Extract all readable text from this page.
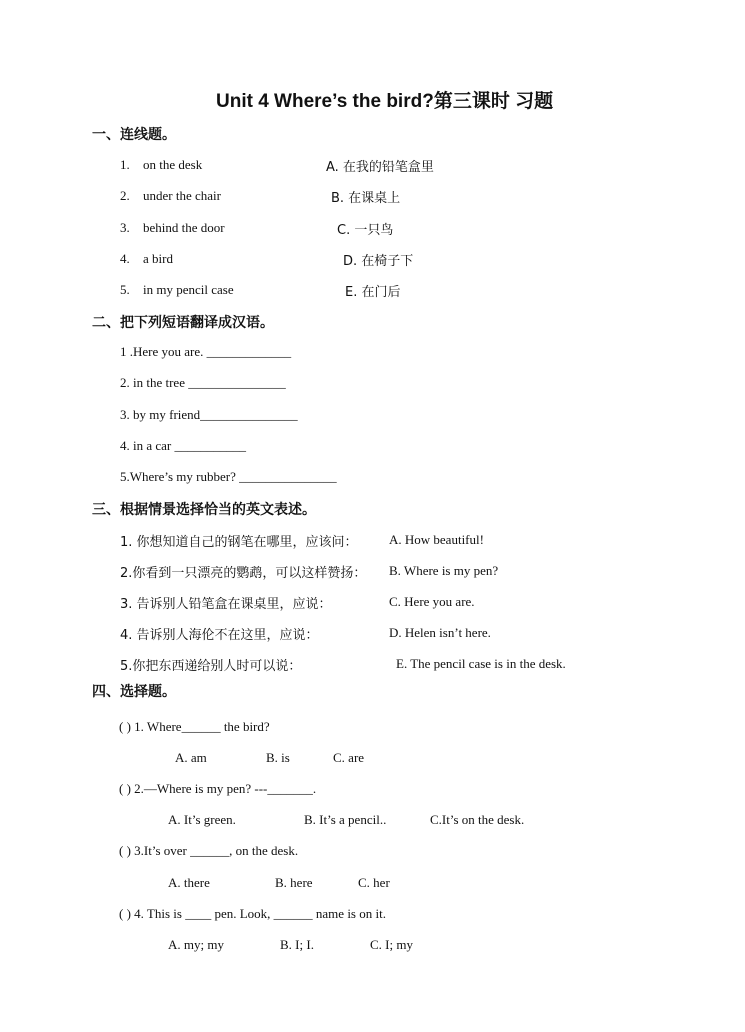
Unit 4 Where’s the bird?第三课时 习题
一、连线题。
1. on the desk	A. 在我的铅笔盒里
2. under the chair	B. 在课桌上
3. behind the door	C. 一只鸟
4. a bird	D. 在椅子下
5. in my pencil case	E. 在门后
二、把下列短语翻译成汉语。
1 .Here you are. _____________
2. in the tree _______________
3. by my friend_______________
4. in a car ___________
5.Where’s my rubber? _______________
三、根据情景选择恰当的英文表述。
1. 你想知道自己的钢笔在哪里，应该问： A. How beautiful!
2.你看到一只漂亮的鹦鹉，可以这样赞扬： B. Where is my pen?
3. 告诉别人铅笔盒在课桌里，应说：	C. Here you are.
4. 告诉别人海伦不在这里，应说：	D. Helen isn’t here.
5.你把东西递给别人时可以说：	E. The pencil case is in the desk.
四、选择题。
( ) 1. Where______ the bird?
A. am	B. is	C. are
( ) 2.—Where is my pen? ---_______.
A. It’s green.	B. It’s a pencil..	C.It’s on the desk.
( ) 3.It’s over ______, on the desk.
A. there	B. here	C. her
( ) 4. This is ____ pen. Look, ______ name is on it.
A. my; my	B. I; I.	C. I; my
